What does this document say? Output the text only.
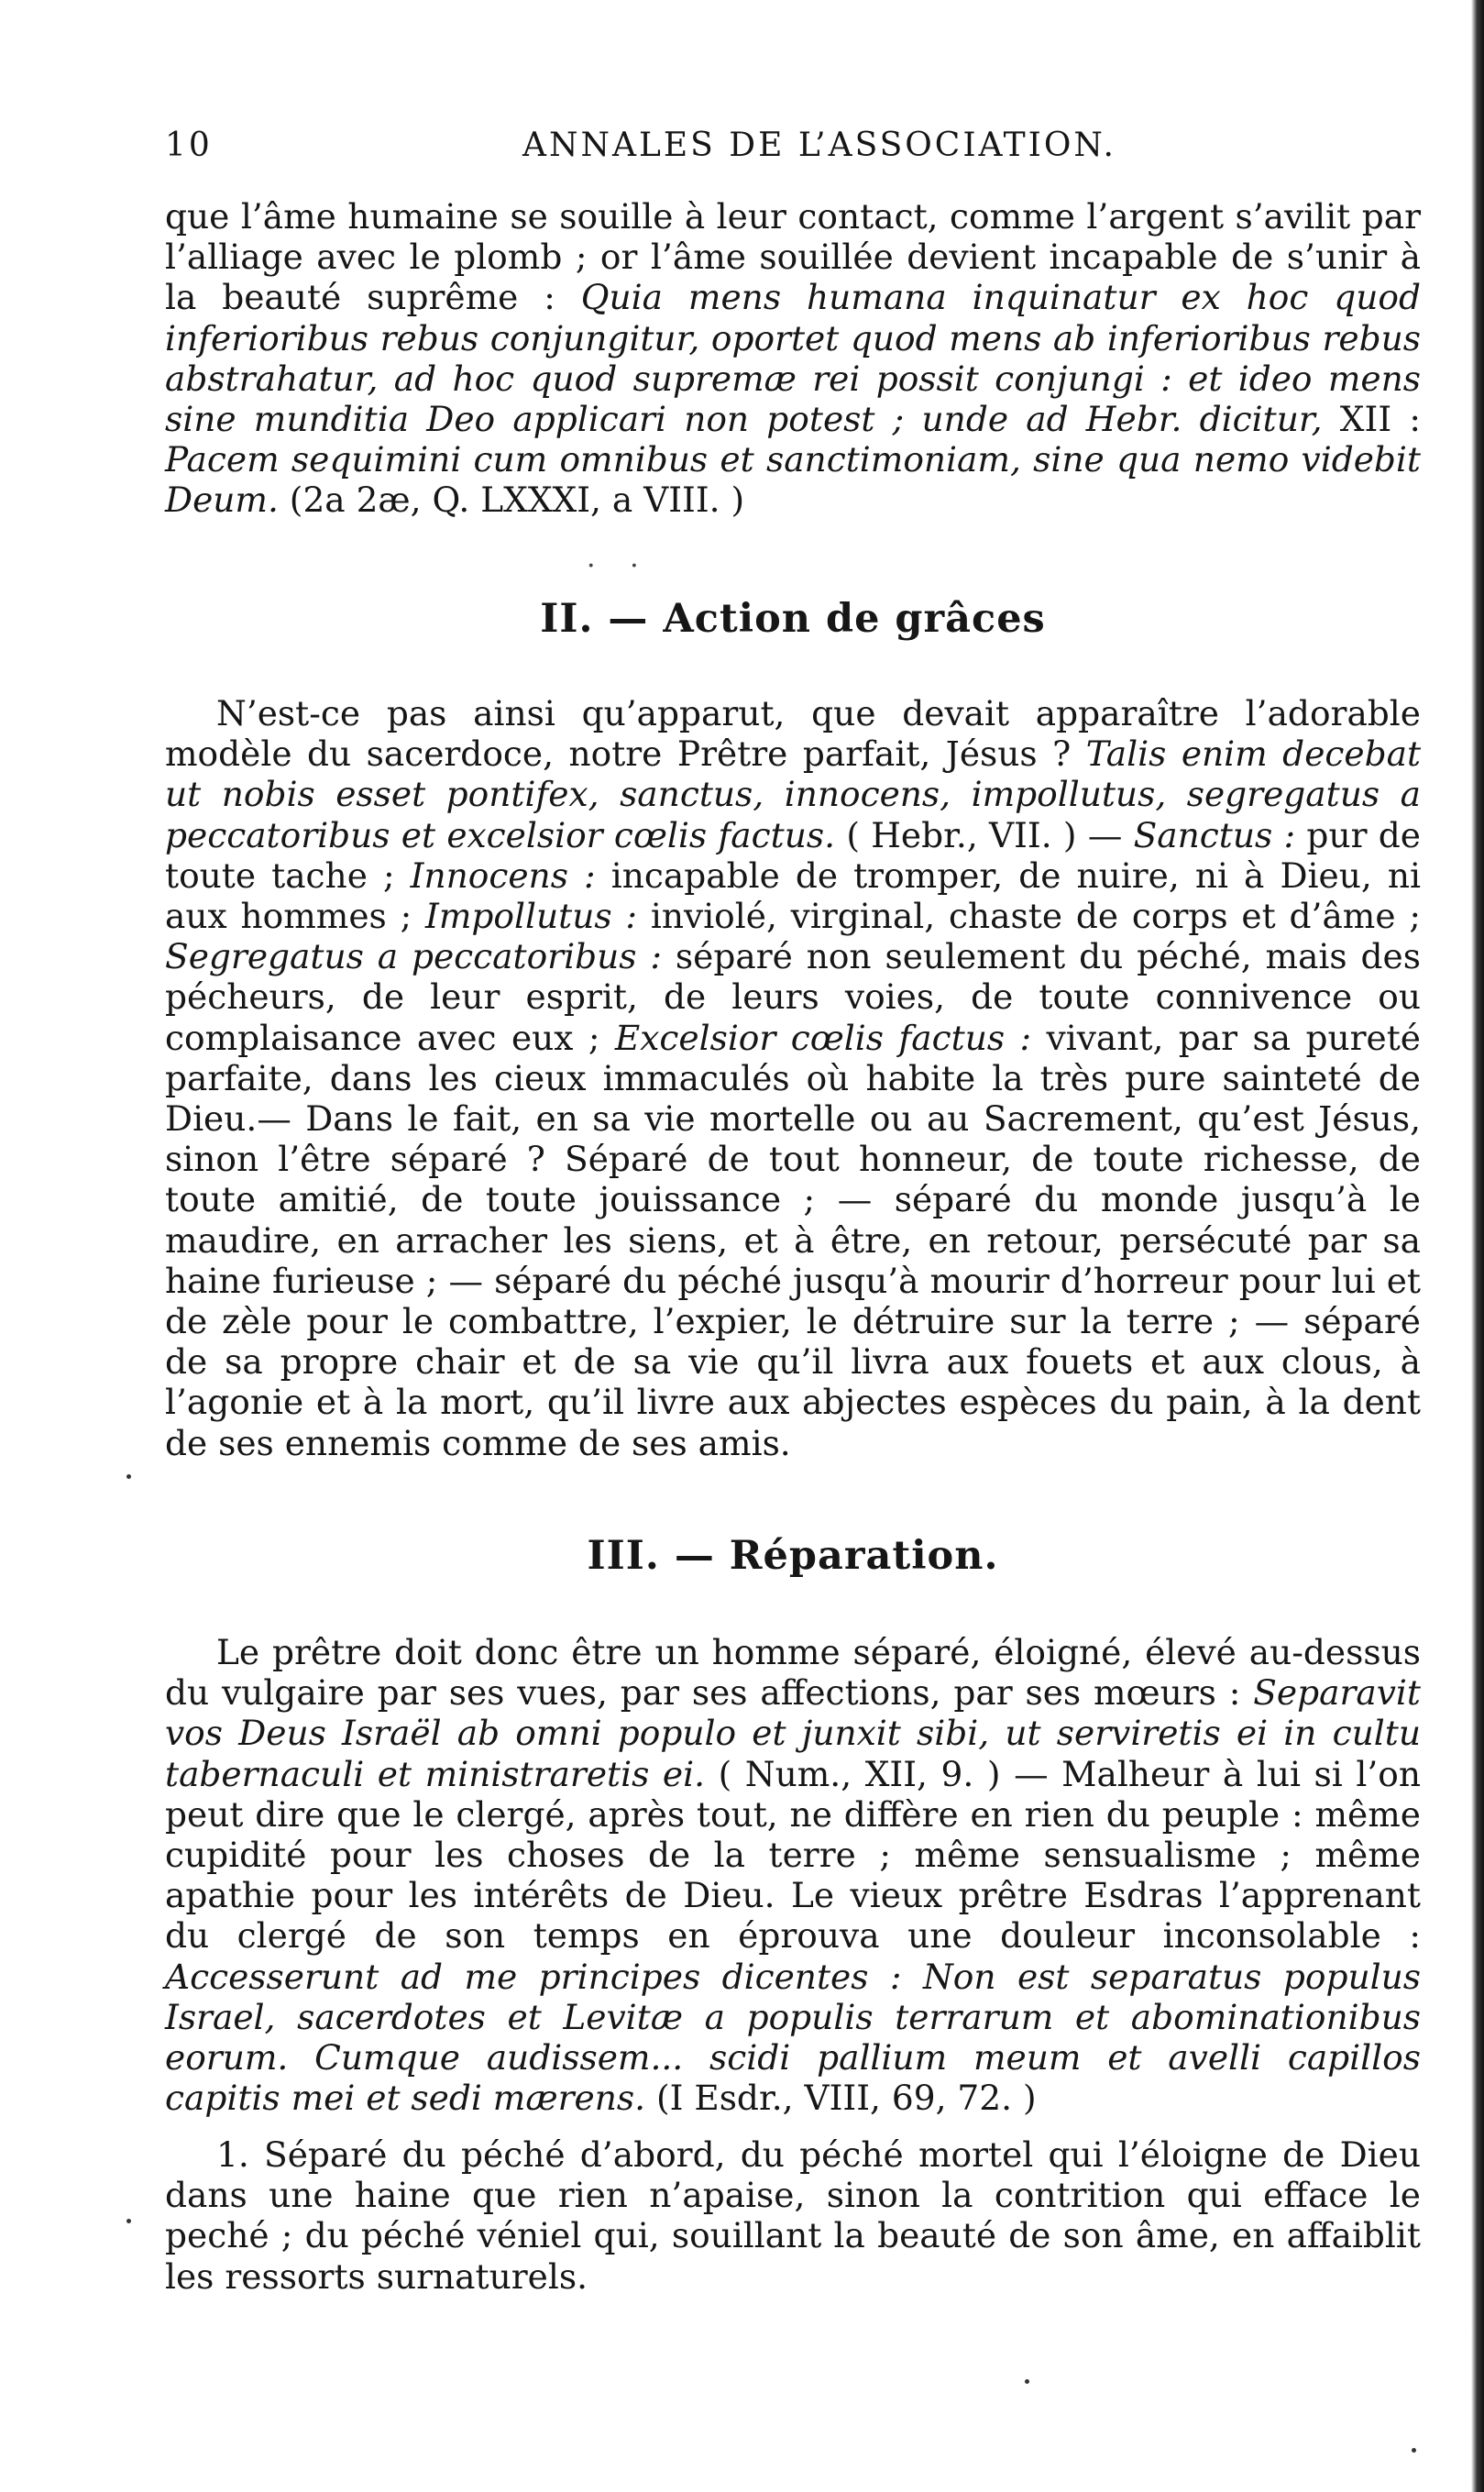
10	ANNALES DE L’ASSOCIATION.

que l’âme humaine se souille à leur contact, comme l’argent s’avilit par l’alliage avec le plomb ; or l’âme souillée devient incapable de s’unir à la beauté suprême : Quia mens humana inquinatur ex hoc quod inferioribus rebus conjungitur, oportet quod mens ab inferioribus rebus abstrahatur, ad hoc quod supremæ rei possit conjungi : et ideo mens sine munditia Deo applicari non potest ; unde ad Hebr. dicitur, XII : Pacem sequimini cum omnibus et sanctimoniam, sine qua nemo videbit Deum. (2a 2æ, Q. LXXXI, a VIII. )

· ·
II. — Action de grâces

N’est-ce pas ainsi qu’apparut, que devait apparaître l’adorable modèle du sacerdoce, notre Prêtre parfait, Jésus ? Talis enim decebat ut nobis esset pontifex, sanctus, innocens, impollutus, segregatus a peccatoribus et excelsior cœlis factus. ( Hebr., VII. ) — Sanctus : pur de toute tache ; Innocens : incapable de tromper, de nuire, ni à Dieu, ni aux hommes ; Impollutus : inviolé, virginal, chaste de corps et d’âme ; Segregatus a peccatoribus : séparé non seulement du péché, mais des pécheurs, de leur esprit, de leurs voies, de toute connivence ou complaisance avec eux ; Excelsior cœlis factus : vivant, par sa pureté parfaite, dans les cieux immaculés où habite la très pure sainteté de Dieu.— Dans le fait, en sa vie mortelle ou au Sacrement, qu’est Jésus, sinon l’être séparé ? Séparé de tout honneur, de toute richesse, de toute amitié, de toute jouissance ; — séparé du monde jusqu’à le maudire, en arracher les siens, et à être, en retour, persécuté par sa haine furieuse ; — séparé du péché jusqu’à mourir d’horreur pour lui et de zèle pour le combattre, l’expier, le détruire sur la terre ; — séparé de sa propre chair et de sa vie qu’il livra aux fouets et aux clous, à l’agonie et à la mort, qu’il livre aux abjectes espèces du pain, à la dent de ses ennemis comme de ses amis.

III. — Réparation.

Le prêtre doit donc être un homme séparé, éloigné, élevé au-dessus du vulgaire par ses vues, par ses affections, par ses mœurs : Separavit vos Deus Israël ab omni populo et junxit sibi, ut serviretis ei in cultu tabernaculi et ministraretis ei. ( Num., XII, 9. ) — Malheur à lui si l’on peut dire que le clergé, après tout, ne diffère en rien du peuple : même cupidité pour les choses de la terre ; même sensualisme ; même apathie pour les intérêts de Dieu. Le vieux prêtre Esdras l’apprenant du clergé de son temps en éprouva une douleur inconsolable : Accesserunt ad me principes dicentes : Non est separatus populus Israel, sacerdotes et Levitæ a populis terrarum et abominationibus eorum. Cumque audissem... scidi pallium meum et avelli capillos capitis mei et sedi mærens. (I Esdr., VIII, 69, 72. )

1. Séparé du péché d’abord, du péché mortel qui l’éloigne de Dieu dans une haine que rien n’apaise, sinon la contrition qui efface le peché ; du péché véniel qui, souillant la beauté de son âme, en affaiblit les ressorts surnaturels.
